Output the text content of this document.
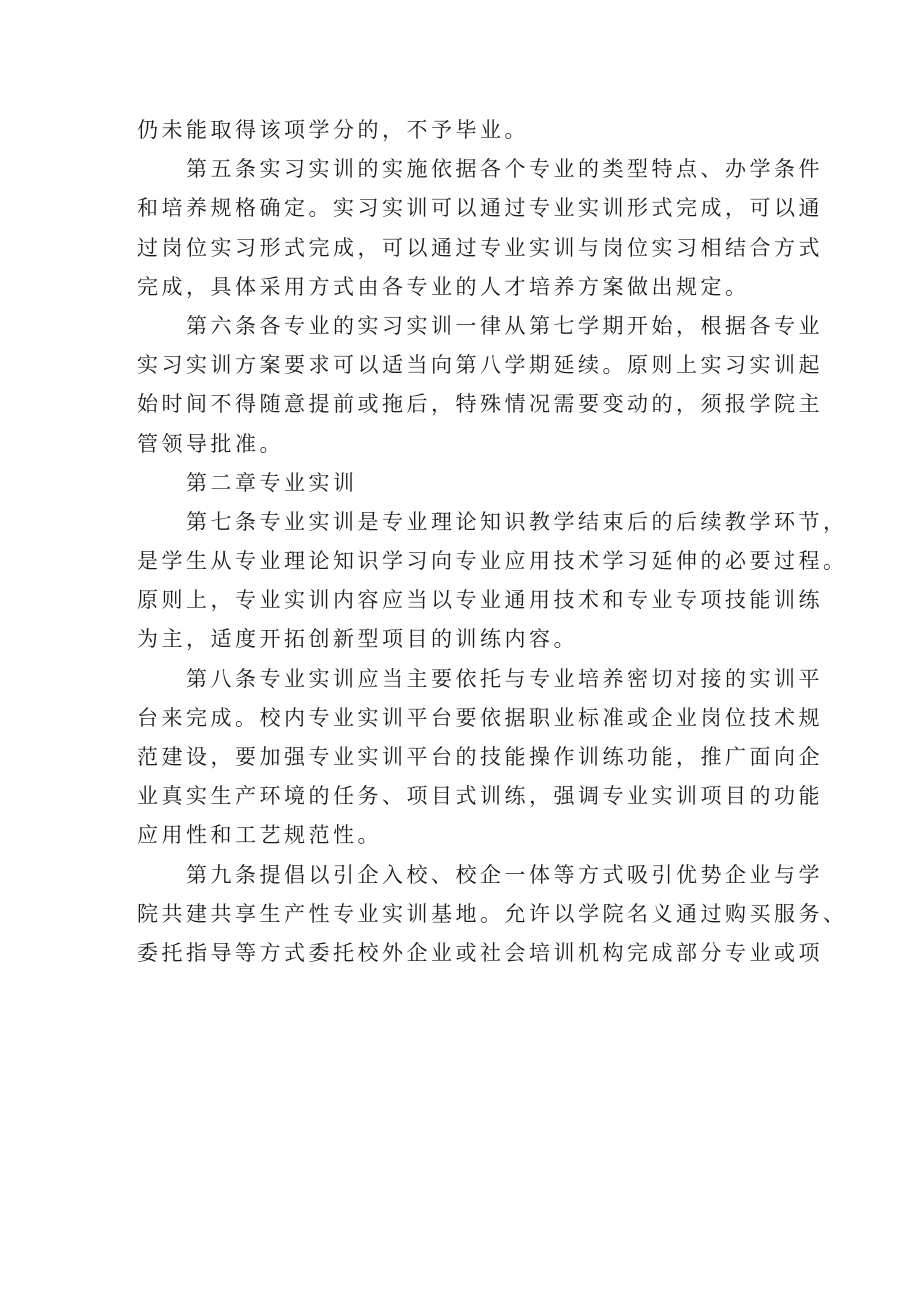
仍未能取得该项学分的，不予毕业。

第五条实习实训的实施依据各个专业的类型特点、办学条件
和培养规格确定。实习实训可以通过专业实训形式完成，可以通
过岗位实习形式完成，可以通过专业实训与岗位实习相结合方式
完成，具体采用方式由各专业的人才培养方案做出规定。

第六条各专业的实习实训一律从第七学期开始，根据各专业
实习实训方案要求可以适当向第八学期延续。原则上实习实训起
始时间不得随意提前或拖后，特殊情况需要变动的，须报学院主
管领导批准。

第二章专业实训

第七条专业实训是专业理论知识教学结束后的后续教学环节，
是学生从专业理论知识学习向专业应用技术学习延伸的必要过程。
原则上，专业实训内容应当以专业通用技术和专业专项技能训练
为主，适度开拓创新型项目的训练内容。

第八条专业实训应当主要依托与专业培养密切对接的实训平
台来完成。校内专业实训平台要依据职业标准或企业岗位技术规
范建设，要加强专业实训平台的技能操作训练功能，推广面向企
业真实生产环境的任务、项目式训练，强调专业实训项目的功能
应用性和工艺规范性。

第九条提倡以引企入校、校企一体等方式吸引优势企业与学
院共建共享生产性专业实训基地。允许以学院名义通过购买服务、
委托指导等方式委托校外企业或社会培训机构完成部分专业或项
